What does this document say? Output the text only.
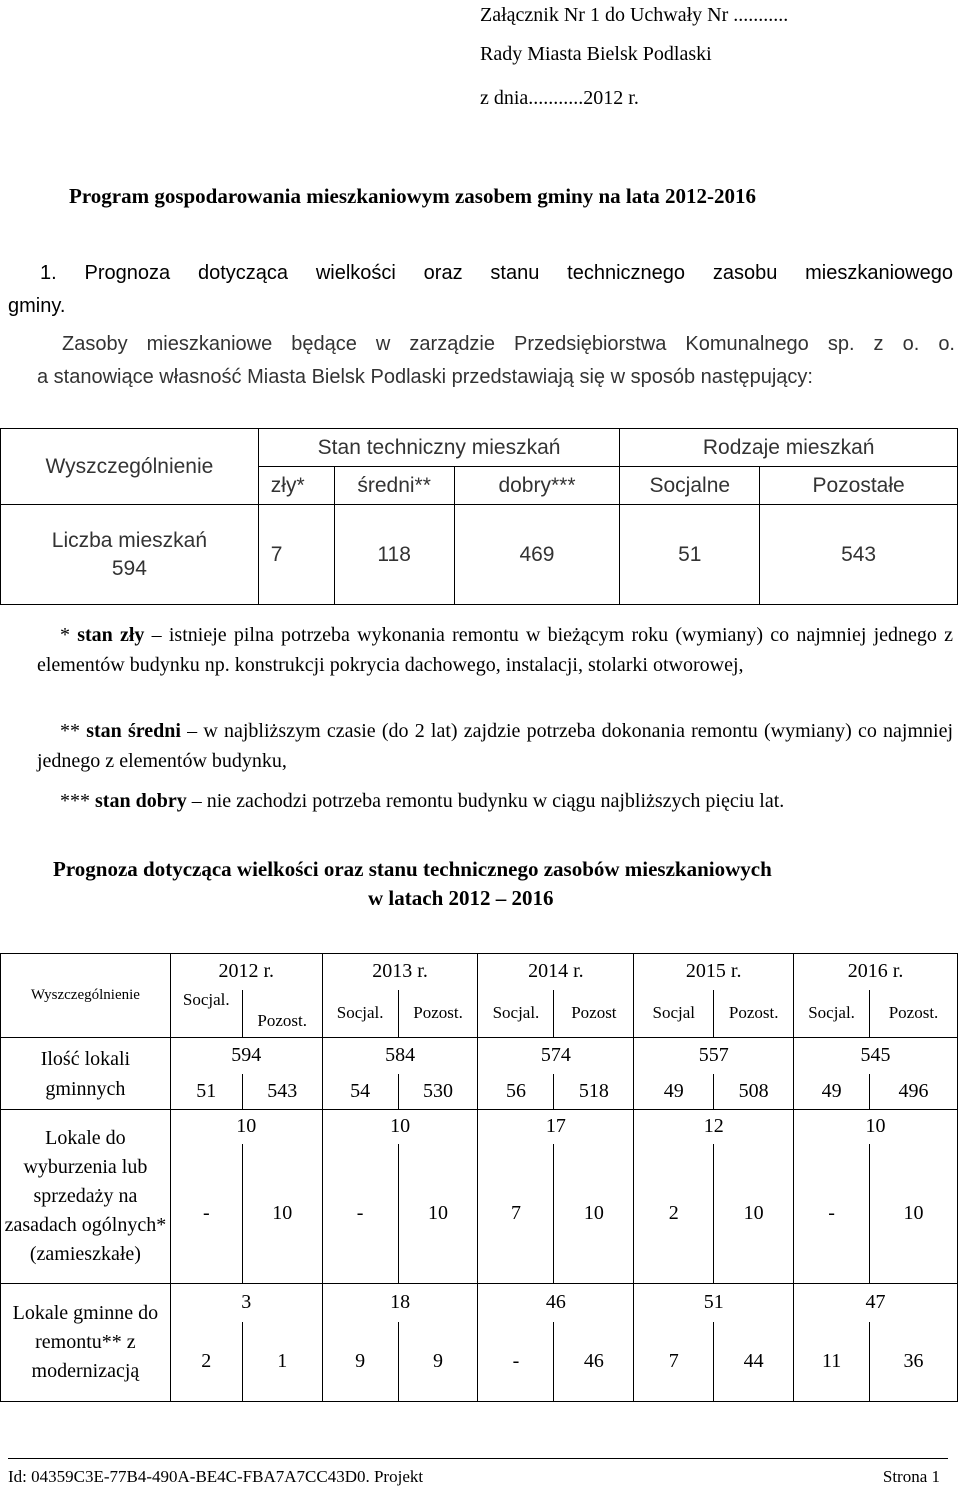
Załącznik Nr 1 do Uchwały Nr ...........
Rady Miasta Bielsk Podlaski
z dnia...........2012 r.
Program gospodarowania mieszkaniowym zasobem gminy na lata 2012-2016
1. Prognoza dotycząca wielkości oraz stanu technicznego zasobu mieszkaniowego
gminy.
Zasoby mieszkaniowe będące w zarządzie Przedsiębiorstwa Komunalnego sp. z o. o.
a stanowiące własność Miasta Bielsk Podlaski przedstawiają się w sposób następujący:
Wyszczególnienie	Stan techniczny mieszkań			Rodzaje mieszkań	
	zły*	średni**	dobry***	Socjalne	Pozostałe

Liczba mieszkań
594	7	118	469	51	543
* stan zły – istnieje pilna potrzeba wykonania remontu w bieżącym roku (wymiany) co najmniej jednego z elementów budynku np. konstrukcji pokrycia dachowego, instalacji, stolarki otworowej,
** stan średni – w najbliższym czasie (do 2 lat) zajdzie potrzeba dokonania remontu (wymiany) co najmniej jednego z elementów budynku,
*** stan dobry – nie zachodzi potrzeba remontu budynku w ciągu najbliższych pięciu lat.
Prognoza dotycząca wielkości oraz stanu technicznego zasobów mieszkaniowych
w latach 2012 – 2016
Wyszczególnienie	2012 r.		2013 r.		2014 r.		2015 r.		2016 r.	
	Socjal.	Pozost.	Socjal.	Pozost.	Socjal.	Pozost	Socjal	Pozost.	Socjal.	Pozost.
Ilość lokali gminnych	594		584		574		557		545	
	51	543	54	530	56	518	49	508	49	496
Lokale do wyburzenia lub sprzedaży na zasadach ogólnych* (zamieszkałe)	10		10		17		12		10	
	-	10	-	10	7	10	2	10	-	10
Lokale gminne do remontu** z modernizacją	3		18		46		51		47	
	2	1	9	9	-	46	7	44	11	36
Id: 04359C3E-77B4-490A-BE4C-FBA7A7CC43D0. Projekt	Strona 1
